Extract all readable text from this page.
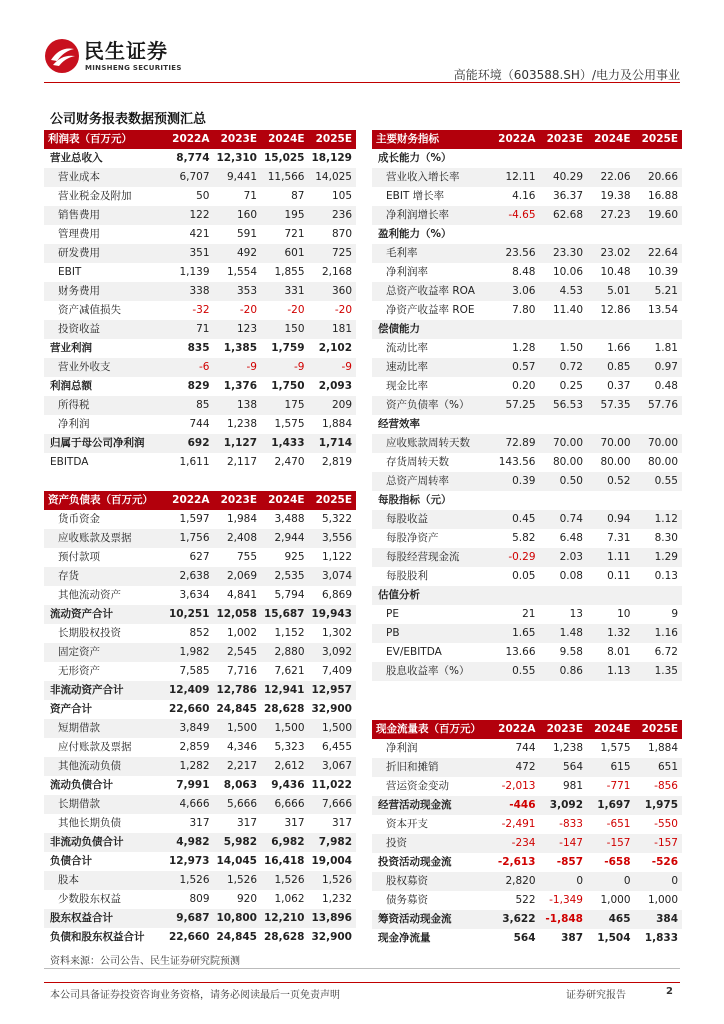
民生证券
MINSHENG SECURITIES	高能环境（603588.SH）/电力及公用事业
公司财务报表数据预测汇总
利润表（百万元）	2022A	2023E	2024E	2025E
营业总收入	8,774	12,310	15,025	18,129
营业成本	6,707	9,441	11,566	14,025
营业税金及附加	50	71	87	105
销售费用	122	160	195	236
管理费用	421	591	721	870
研发费用	351	492	601	725
EBIT	1,139	1,554	1,855	2,168
财务费用	338	353	331	360
资产减值损失	-32	-20	-20	-20
投资收益	71	123	150	181
营业利润	835	1,385	1,759	2,102
营业外收支	-6	-9	-9	-9
利润总额	829	1,376	1,750	2,093
所得税	85	138	175	209
净利润	744	1,238	1,575	1,884
归属于母公司净利润	692	1,127	1,433	1,714
EBITDA	1,611	2,117	2,470	2,819
资产负债表（百万元）	2022A	2023E	2024E	2025E
货币资金	1,597	1,984	3,488	5,322
应收账款及票据	1,756	2,408	2,944	3,556
预付款项	627	755	925	1,122
存货	2,638	2,069	2,535	3,074
其他流动资产	3,634	4,841	5,794	6,869
流动资产合计	10,251	12,058	15,687	19,943
长期股权投资	852	1,002	1,152	1,302
固定资产	1,982	2,545	2,880	3,092
无形资产	7,585	7,716	7,621	7,409
非流动资产合计	12,409	12,786	12,941	12,957
资产合计	22,660	24,845	28,628	32,900
短期借款	3,849	1,500	1,500	1,500
应付账款及票据	2,859	4,346	5,323	6,455
其他流动负债	1,282	2,217	2,612	3,067
流动负债合计	7,991	8,063	9,436	11,022
长期借款	4,666	5,666	6,666	7,666
其他长期负债	317	317	317	317
非流动负债合计	4,982	5,982	6,982	7,982
负债合计	12,973	14,045	16,418	19,004
股本	1,526	1,526	1,526	1,526
少数股东权益	809	920	1,062	1,232
股东权益合计	9,687	10,800	12,210	13,896
负债和股东权益合计	22,660	24,845	28,628	32,900
主要财务指标	2022A	2023E	2024E	2025E
成长能力（%）				
营业收入增长率	12.11	40.29	22.06	20.66
EBIT 增长率	4.16	36.37	19.38	16.88
净利润增长率	-4.65	62.68	27.23	19.60
盈利能力（%）				
毛利率	23.56	23.30	23.02	22.64
净利润率	8.48	10.06	10.48	10.39
总资产收益率 ROA	3.06	4.53	5.01	5.21
净资产收益率 ROE	7.80	11.40	12.86	13.54
偿债能力				
流动比率	1.28	1.50	1.66	1.81
速动比率	0.57	0.72	0.85	0.97
现金比率	0.20	0.25	0.37	0.48
资产负债率（%）	57.25	56.53	57.35	57.76
经营效率				
应收账款周转天数	72.89	70.00	70.00	70.00
存货周转天数	143.56	80.00	80.00	80.00
总资产周转率	0.39	0.50	0.52	0.55
每股指标（元）				
每股收益	0.45	0.74	0.94	1.12
每股净资产	5.82	6.48	7.31	8.30
每股经营现金流	-0.29	2.03	1.11	1.29
每股股利	0.05	0.08	0.11	0.13
估值分析				
PE	21	13	10	9
PB	1.65	1.48	1.32	1.16
EV/EBITDA	13.66	9.58	8.01	6.72
股息收益率（%）	0.55	0.86	1.13	1.35
现金流量表（百万元）	2022A	2023E	2024E	2025E
净利润	744	1,238	1,575	1,884
折旧和摊销	472	564	615	651
营运资金变动	-2,013	981	-771	-856
经营活动现金流	-446	3,092	1,697	1,975
资本开支	-2,491	-833	-651	-550
投资	-234	-147	-157	-157
投资活动现金流	-2,613	-857	-658	-526
股权募资	2,820	0	0	0
债务募资	522	-1,349	1,000	1,000
筹资活动现金流	3,622	-1,848	465	384
现金净流量	564	387	1,504	1,833
资料来源：公司公告、民生证券研究院预测
本公司具备证券投资咨询业务资格，请务必阅读最后一页免责声明	证券研究报告	2
